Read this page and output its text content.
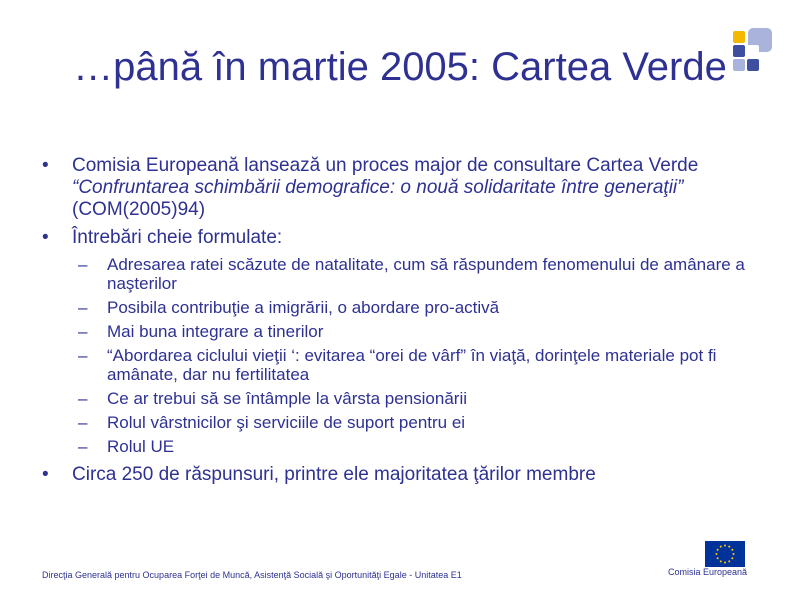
…până în martie 2005: Cartea Verde
• Comisia Europeană lansează un proces major de consultare Cartea Verde “Confruntarea schimbării demografice: o nouă solidaritate între generaţii” (COM(2005)94)
• Întrebări cheie formulate:
– Adresarea ratei scăzute de natalitate, cum să răspundem fenomenului de amânare a naşterilor
– Posibila contribuţie a imigrării, o abordare pro-activă
– Mai buna integrare a tinerilor
– “Abordarea ciclului vieţii ‘: evitarea “orei de vârf” în viaţă, dorinţele materiale pot fi amânate, dar nu fertilitatea
– Ce ar trebui să se întâmple la vârsta pensionării
– Rolul vârstnicilor şi serviciile de suport pentru ei
– Rolul UE
• Circa 250 de răspunsuri, printre ele majoritatea ţărilor membre
Direcţia Generală pentru Ocuparea Forţei de Muncă, Asistenţă Socială şi Oportunităţi Egale - Unitatea E1	Comisia Europeană
